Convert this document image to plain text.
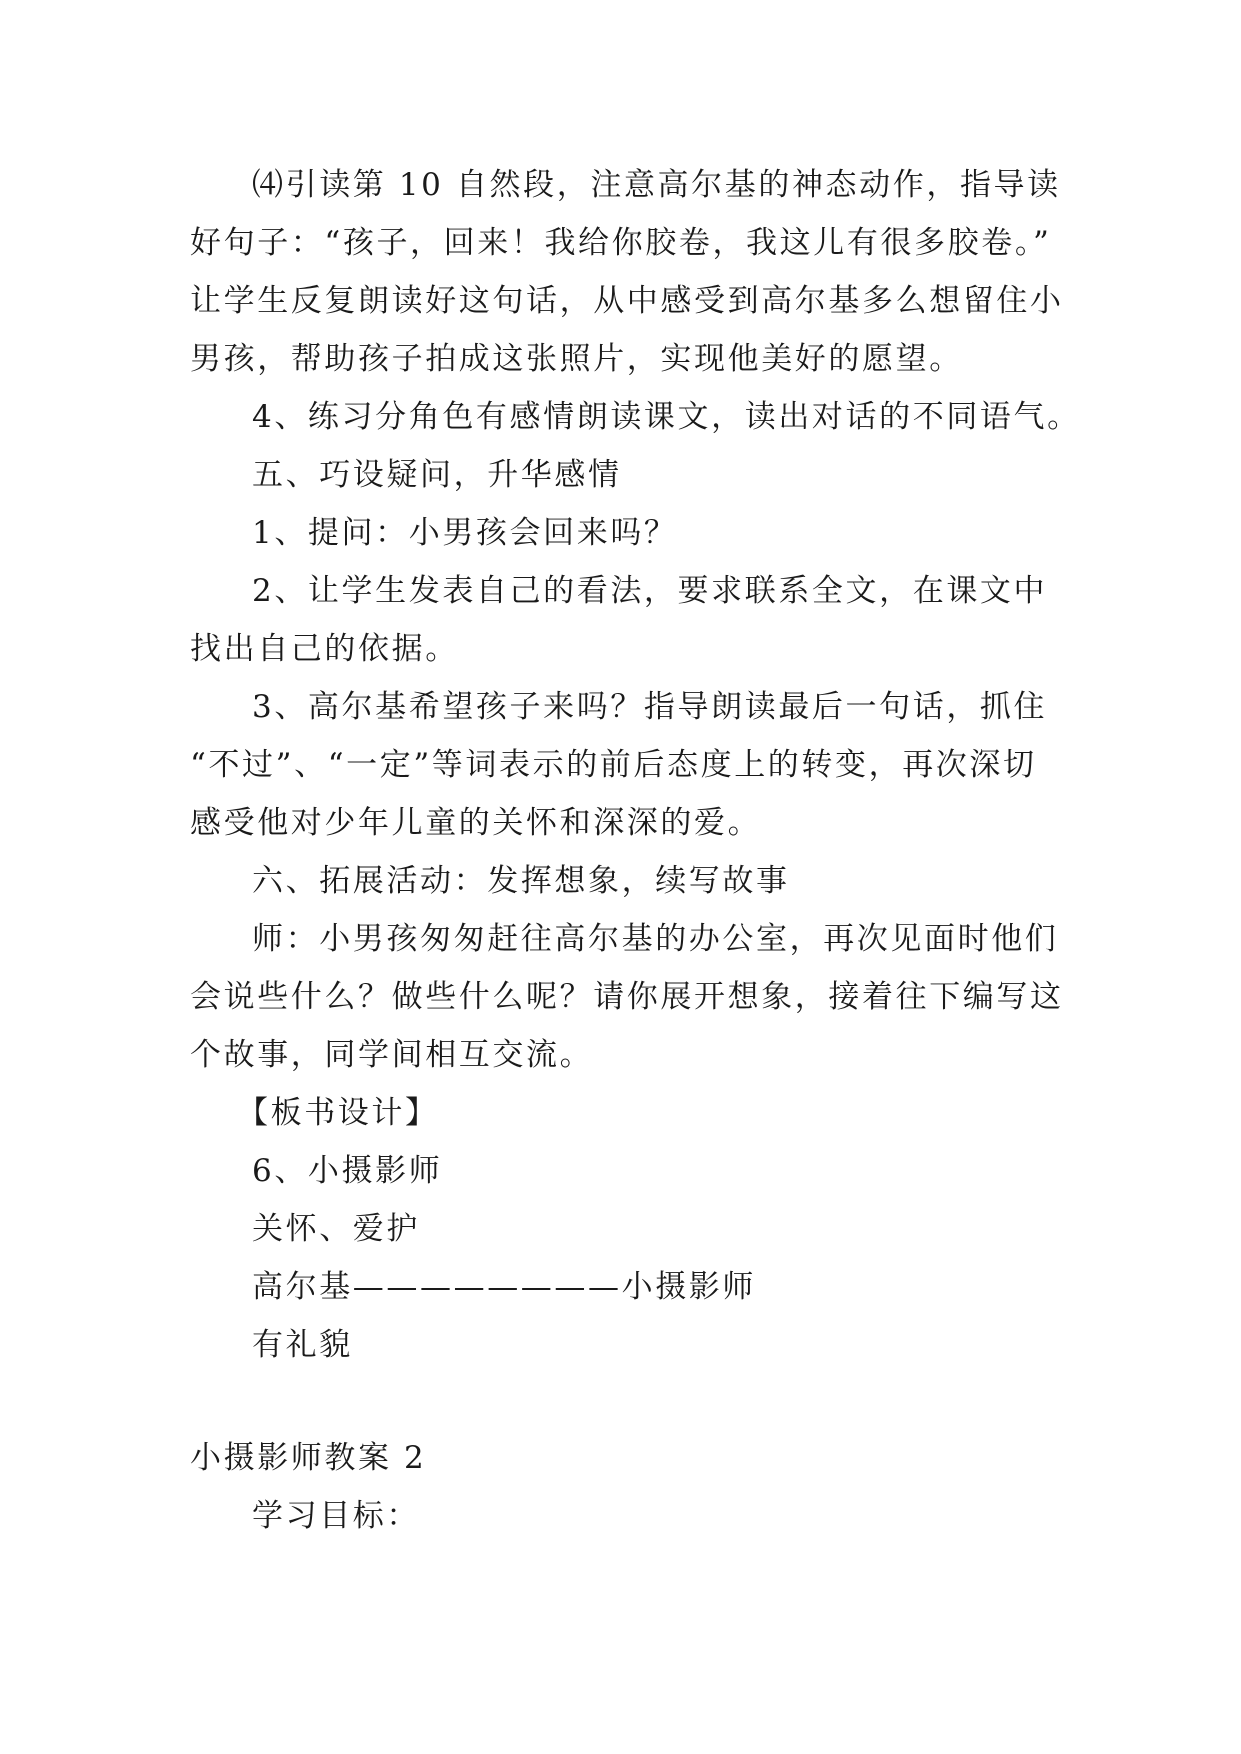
⑷引读第 10 自然段，注意高尔基的神态动作，指导读
好句子：“孩子，回来！我给你胶卷，我这儿有很多胶卷。”
让学生反复朗读好这句话，从中感受到高尔基多么想留住小
男孩，帮助孩子拍成这张照片，实现他美好的愿望。
4、练习分角色有感情朗读课文，读出对话的不同语气。
五、巧设疑问，升华感情
1、提问：小男孩会回来吗？
2、让学生发表自己的看法，要求联系全文，在课文中
找出自己的依据。
3、高尔基希望孩子来吗？指导朗读最后一句话，抓住
“不过”、“一定”等词表示的前后态度上的转变，再次深切
感受他对少年儿童的关怀和深深的爱。
六、拓展活动：发挥想象，续写故事
师：小男孩匆匆赶往高尔基的办公室，再次见面时他们
会说些什么？做些什么呢？请你展开想象，接着往下编写这
个故事，同学间相互交流。
【板书设计】
6、小摄影师
关怀、爱护
高尔基————————小摄影师
有礼貌
小摄影师教案 2
学习目标：
